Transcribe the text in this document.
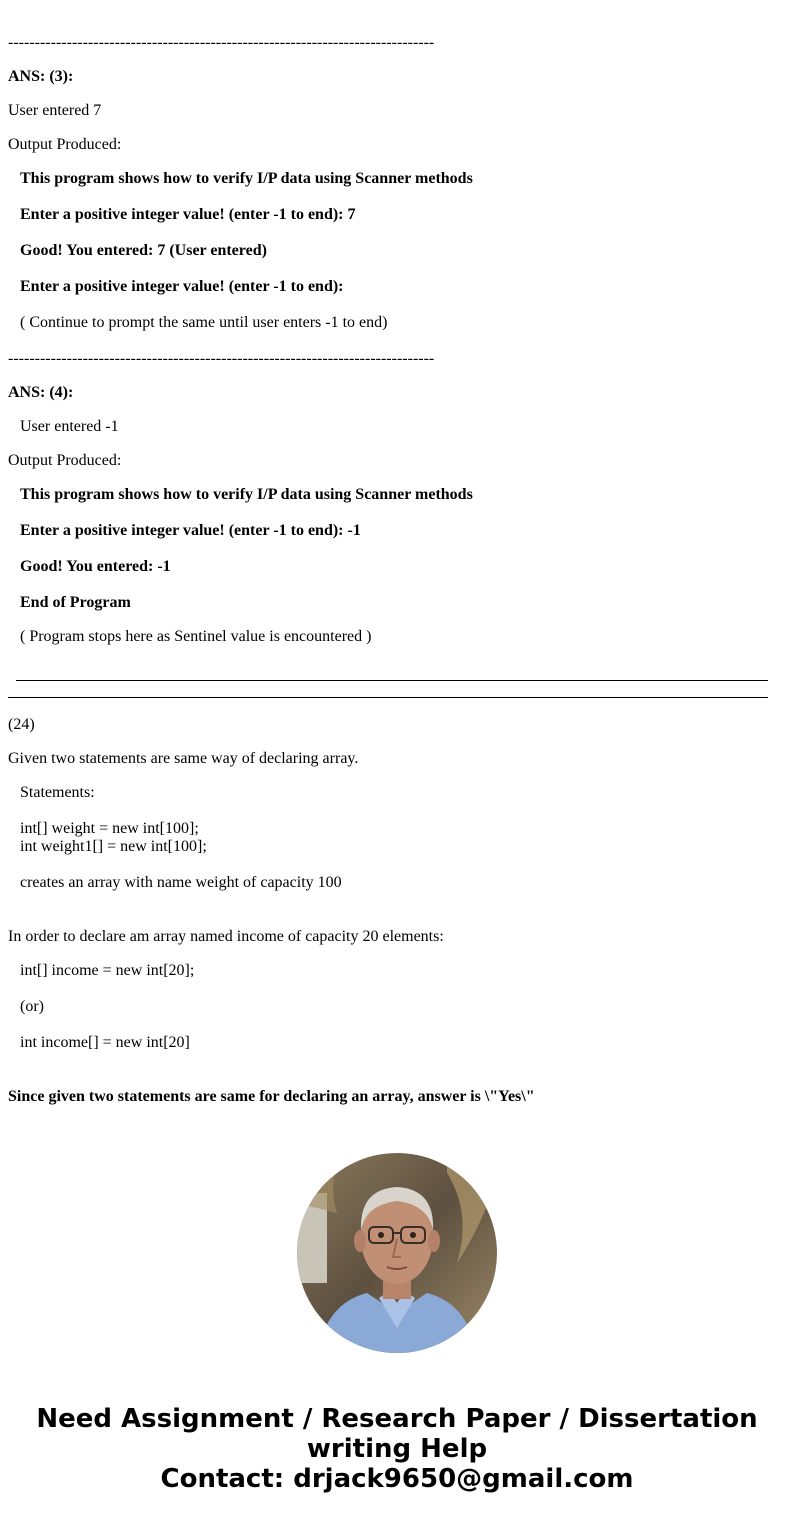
--------------------------------------------------------------------------------
ANS: (3):
User entered 7
Output Produced:
This program shows how to verify I/P data using Scanner methods
Enter a positive integer value! (enter -1 to end): 7
Good! You entered: 7 (User entered)
Enter a positive integer value! (enter -1 to end):
( Continue to prompt the same until user enters -1 to end)
--------------------------------------------------------------------------------
ANS: (4):
User entered -1
Output Produced:
This program shows how to verify I/P data using Scanner methods
Enter a positive integer value! (enter -1 to end): -1
Good! You entered: -1
End of Program
( Program stops here as Sentinel value is encountered )
(24)
Given two statements are same way of declaring array.
Statements:
int[] weight = new int[100];
int weight1[] = new int[100];
creates an array with name weight of capacity 100
In order to declare am array named income of capacity 20 elements:
int[] income = new int[20];
(or)
int income[] = new int[20]
Since given two statements are same for declaring an array, answer is \"Yes\"
Need Assignment / Research Paper / Dissertation
writing Help
Contact: drjack9650@gmail.com
